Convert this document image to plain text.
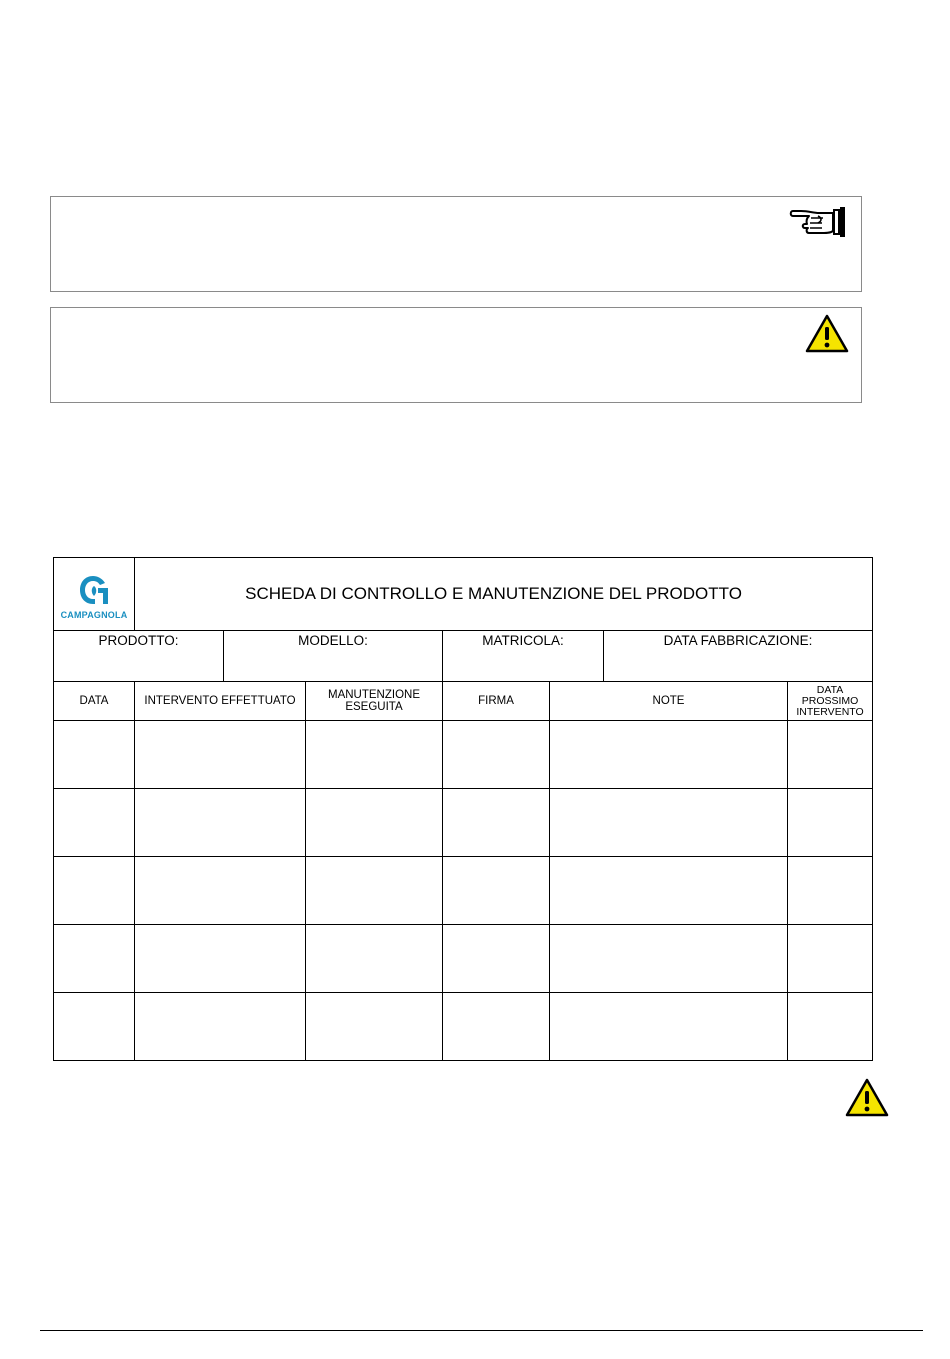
CAMPAGNOLA	SCHEDA DI CONTROLLO E MANUTENZIONE DEL PRODOTTO						
PRODOTTO:		MODELLO:		MATRICOLA:		DATA FABBRICAZIONE:	
DATA	INTERVENTO EFFETTUATO		MANUTENZIONE ESEGUITA	FIRMA	NOTE		DATA PROSSIMO INTERVENTO
